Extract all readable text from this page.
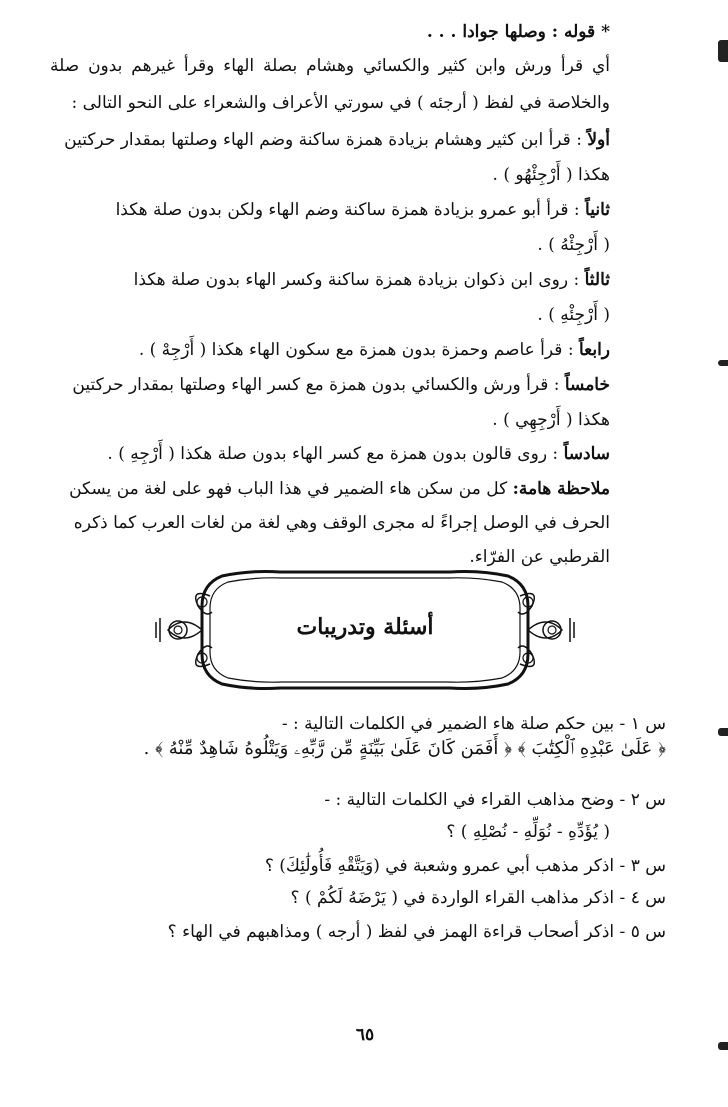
* قوله : وصلها جوادا . . .
أي قرأ ورش وابن كثير والكسائي وهشام بصلة الهاء وقرأ غيرهم بدون صلة
والخلاصة في لفظ ( أرجئه ) في سورتي الأعراف والشعراء على النحو التالى :
أولاً : قرأ ابن كثير وهشام بزيادة همزة ساكنة وضم الهاء وصلتها بمقدار حركتين
هكذا ( أَرْجِئْهُو ) .
ثانياً : قرأ أبو عمرو بزيادة همزة ساكنة وضم الهاء ولكن بدون صلة هكذا
( أَرْجِئْهُ ) .
ثالثاً : روى ابن ذكوان بزيادة همزة ساكنة وكسر الهاء بدون صلة هكذا
( أَرْجِئْهِ ) .
رابعاً : قرأ عاصم وحمزة بدون همزة مع سكون الهاء هكذا ( أَرْجِهْ ) .
خامساً : قرأ ورش والكسائي بدون همزة مع كسر الهاء وصلتها بمقدار حركتين
هكذا ( أَرْجِهِي ) .
سادساً : روى قالون بدون همزة مع كسر الهاء بدون صلة هكذا ( أَرْجِهِ ) .
ملاحظة هامة: كل من سكن هاء الضمير في هذا الباب فهو على لغة من يسكن
الحرف في الوصل إجراءً له مجرى الوقف وهي لغة من لغات العرب كما ذكره
القرطبي عن الفرّاء.
أسئلة وتدريبات
س ١ - بين حكم صلة هاء الضمير في الكلمات التالية : -
﴿ عَلَىٰ عَبْدِهِ ٱلْكِتَٰبَ ﴾ ﴿ أَفَمَن كَانَ عَلَىٰ بَيِّنَةٍ مِّن رَّبِّهِۦ وَيَتْلُوهُ شَاهِدٌ مِّنْهُ ﴾ .
س ٢ - وضح مذاهب القراء في الكلمات التالية : -
( يُؤَدِّهِ - نُوَلِّهِ - نُصْلِهِ ) ؟
س ٣ - اذكر مذهب أبي عمرو وشعبة في (وَيَتَّقْهِ فَأُولَٰئِكَ) ؟
س ٤ - اذكر مذاهب القراء الواردة في ( يَرْضَهُ لَكُمْ ) ؟
س ٥ - اذكر أصحاب قراءة الهمز في لفظ ( أرجه ) ومذاهبهم في الهاء ؟
٦٥
